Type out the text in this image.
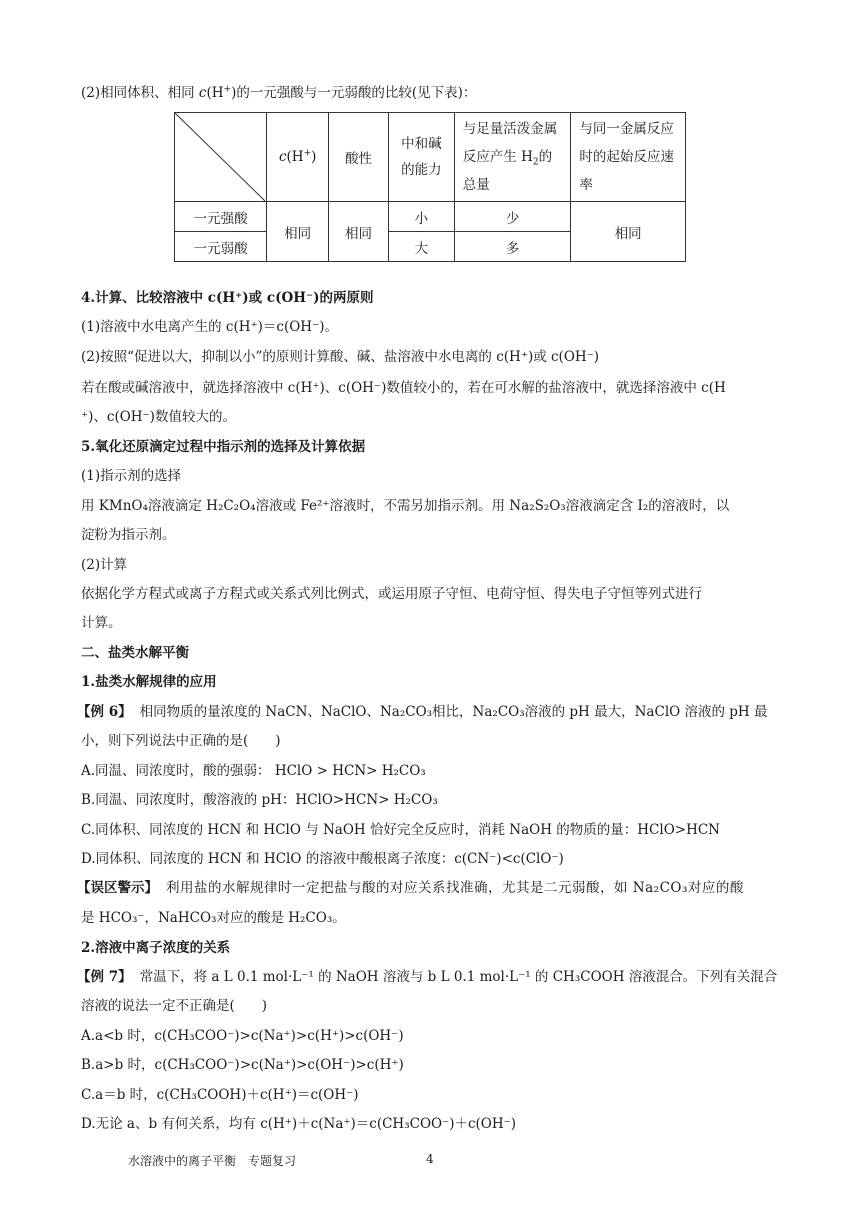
(2)相同体积、相同 c(H+)的一元强酸与一元弱酸的比较(见下表)：
	c(H+)	酸性	中和碱的能力	与足量活泼金属反应产生 $H_2$的总量	与同一金属反应时的起始反应速率
一元强酸	相同	相同	小	少	相同
一元弱酸			大	多	
4.计算、比较溶液中 c(H⁺)或 c(OH⁻)的两原则
(1)溶液中水电离产生的 c(H⁺)＝c(OH⁻)。
(2)按照“促进以大，抑制以小”的原则计算酸、碱、盐溶液中水电离的 c(H⁺)或 c(OH⁻)
若在酸或碱溶液中，就选择溶液中 c(H⁺)、c(OH⁻)数值较小的，若在可水解的盐溶液中，就选择溶液中 c(H
⁺)、c(OH⁻)数值较大的。
5.氧化还原滴定过程中指示剂的选择及计算依据
(1)指示剂的选择
用 KMnO₄溶液滴定 H₂C₂O₄溶液或 Fe²⁺溶液时，不需另加指示剂。用 Na₂S₂O₃溶液滴定含 I₂的溶液时，以
淀粉为指示剂。
(2)计算
依据化学方程式或离子方程式或关系式列比例式，或运用原子守恒、电荷守恒、得失电子守恒等列式进行
计算。
二、盐类水解平衡
1.盐类水解规律的应用
【例 6】 相同物质的量浓度的 NaCN、NaClO、Na₂CO₃相比，Na₂CO₃溶液的 pH 最大，NaClO 溶液的 pH 最
小，则下列说法中正确的是(　　)
A.同温、同浓度时，酸的强弱： HClO > HCN> H₂CO₃
B.同温、同浓度时，酸溶液的 pH：HClO>HCN> H₂CO₃
C.同体积、同浓度的 HCN 和 HClO 与 NaOH 恰好完全反应时，消耗 NaOH 的物质的量：HClO>HCN
D.同体积、同浓度的 HCN 和 HClO 的溶液中酸根离子浓度：c(CN⁻)<c(ClO⁻)
【误区警示】 利用盐的水解规律时一定把盐与酸的对应关系找准确，尤其是二元弱酸，如 Na₂CO₃对应的酸
是 HCO₃⁻，NaHCO₃对应的酸是 H₂CO₃。
2.溶液中离子浓度的关系
【例 7】 常温下，将 a L 0.1 mol·L⁻¹ 的 NaOH 溶液与 b L 0.1 mol·L⁻¹ 的 CH₃COOH 溶液混合。下列有关混合
溶液的说法一定不正确是(　　)
A.a<b 时，c(CH₃COO⁻)>c(Na⁺)>c(H⁺)>c(OH⁻)
B.a>b 时，c(CH₃COO⁻)>c(Na⁺)>c(OH⁻)>c(H⁺)
C.a＝b 时，c(CH₃COOH)＋c(H⁺)＝c(OH⁻)
D.无论 a、b 有何关系，均有 c(H⁺)＋c(Na⁺)＝c(CH₃COO⁻)＋c(OH⁻)
水溶液中的离子平衡　专题复习	4
